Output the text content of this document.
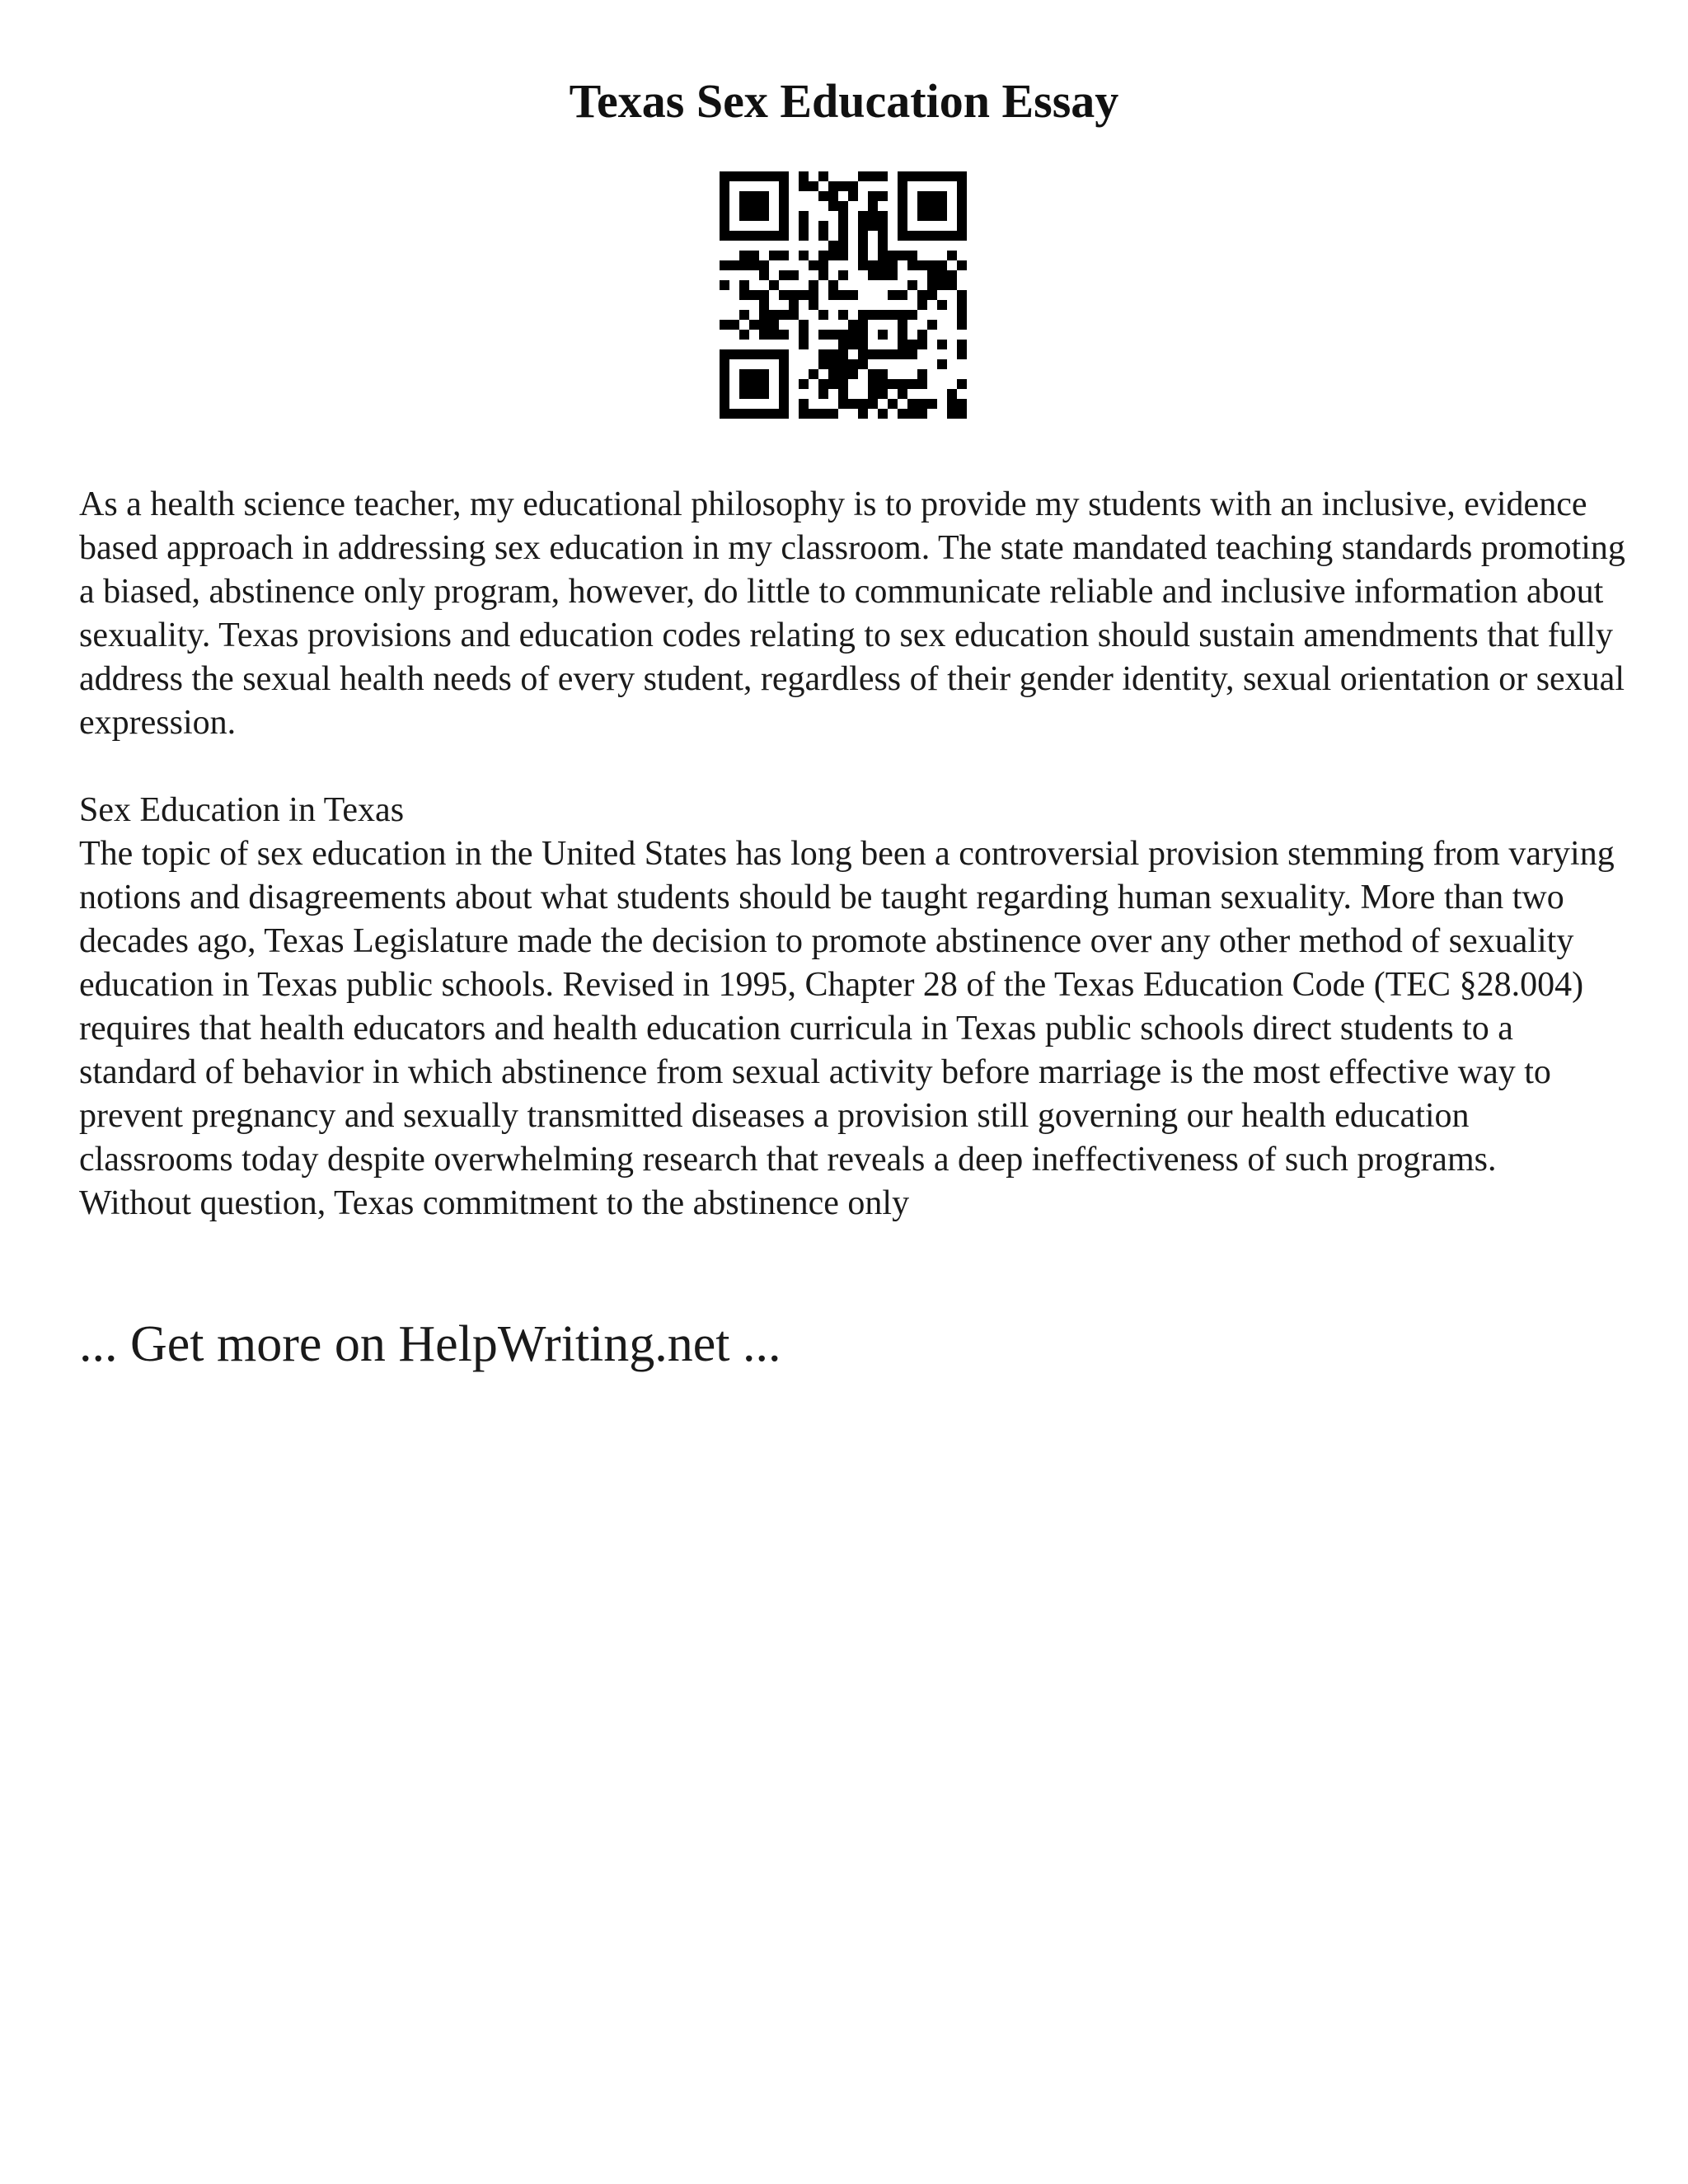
Texas Sex Education Essay

As a health science teacher, my educational philosophy is to provide my students with an inclusive, evidence based approach in addressing sex education in my classroom. The state mandated teaching standards promoting a biased, abstinence only program, however, do little to communicate reliable and inclusive information about sexuality. Texas provisions and education codes relating to sex education should sustain amendments that fully address the sexual health needs of every student, regardless of their gender identity, sexual orientation or sexual expression.

Sex Education in Texas

The topic of sex education in the United States has long been a controversial provision stemming from varying notions and disagreements about what students should be taught regarding human sexuality. More than two decades ago, Texas Legislature made the decision to promote abstinence over any other method of sexuality education in Texas public schools. Revised in 1995, Chapter 28 of the Texas Education Code (TEC §28.004) requires that health educators and health education curricula in Texas public schools direct students to a standard of behavior in which abstinence from sexual activity before marriage is the most effective way to prevent pregnancy and sexually transmitted diseases a provision still governing our health education classrooms today despite overwhelming research that reveals a deep ineffectiveness of such programs.

Without question, Texas commitment to the abstinence only

... Get more on HelpWriting.net ...
